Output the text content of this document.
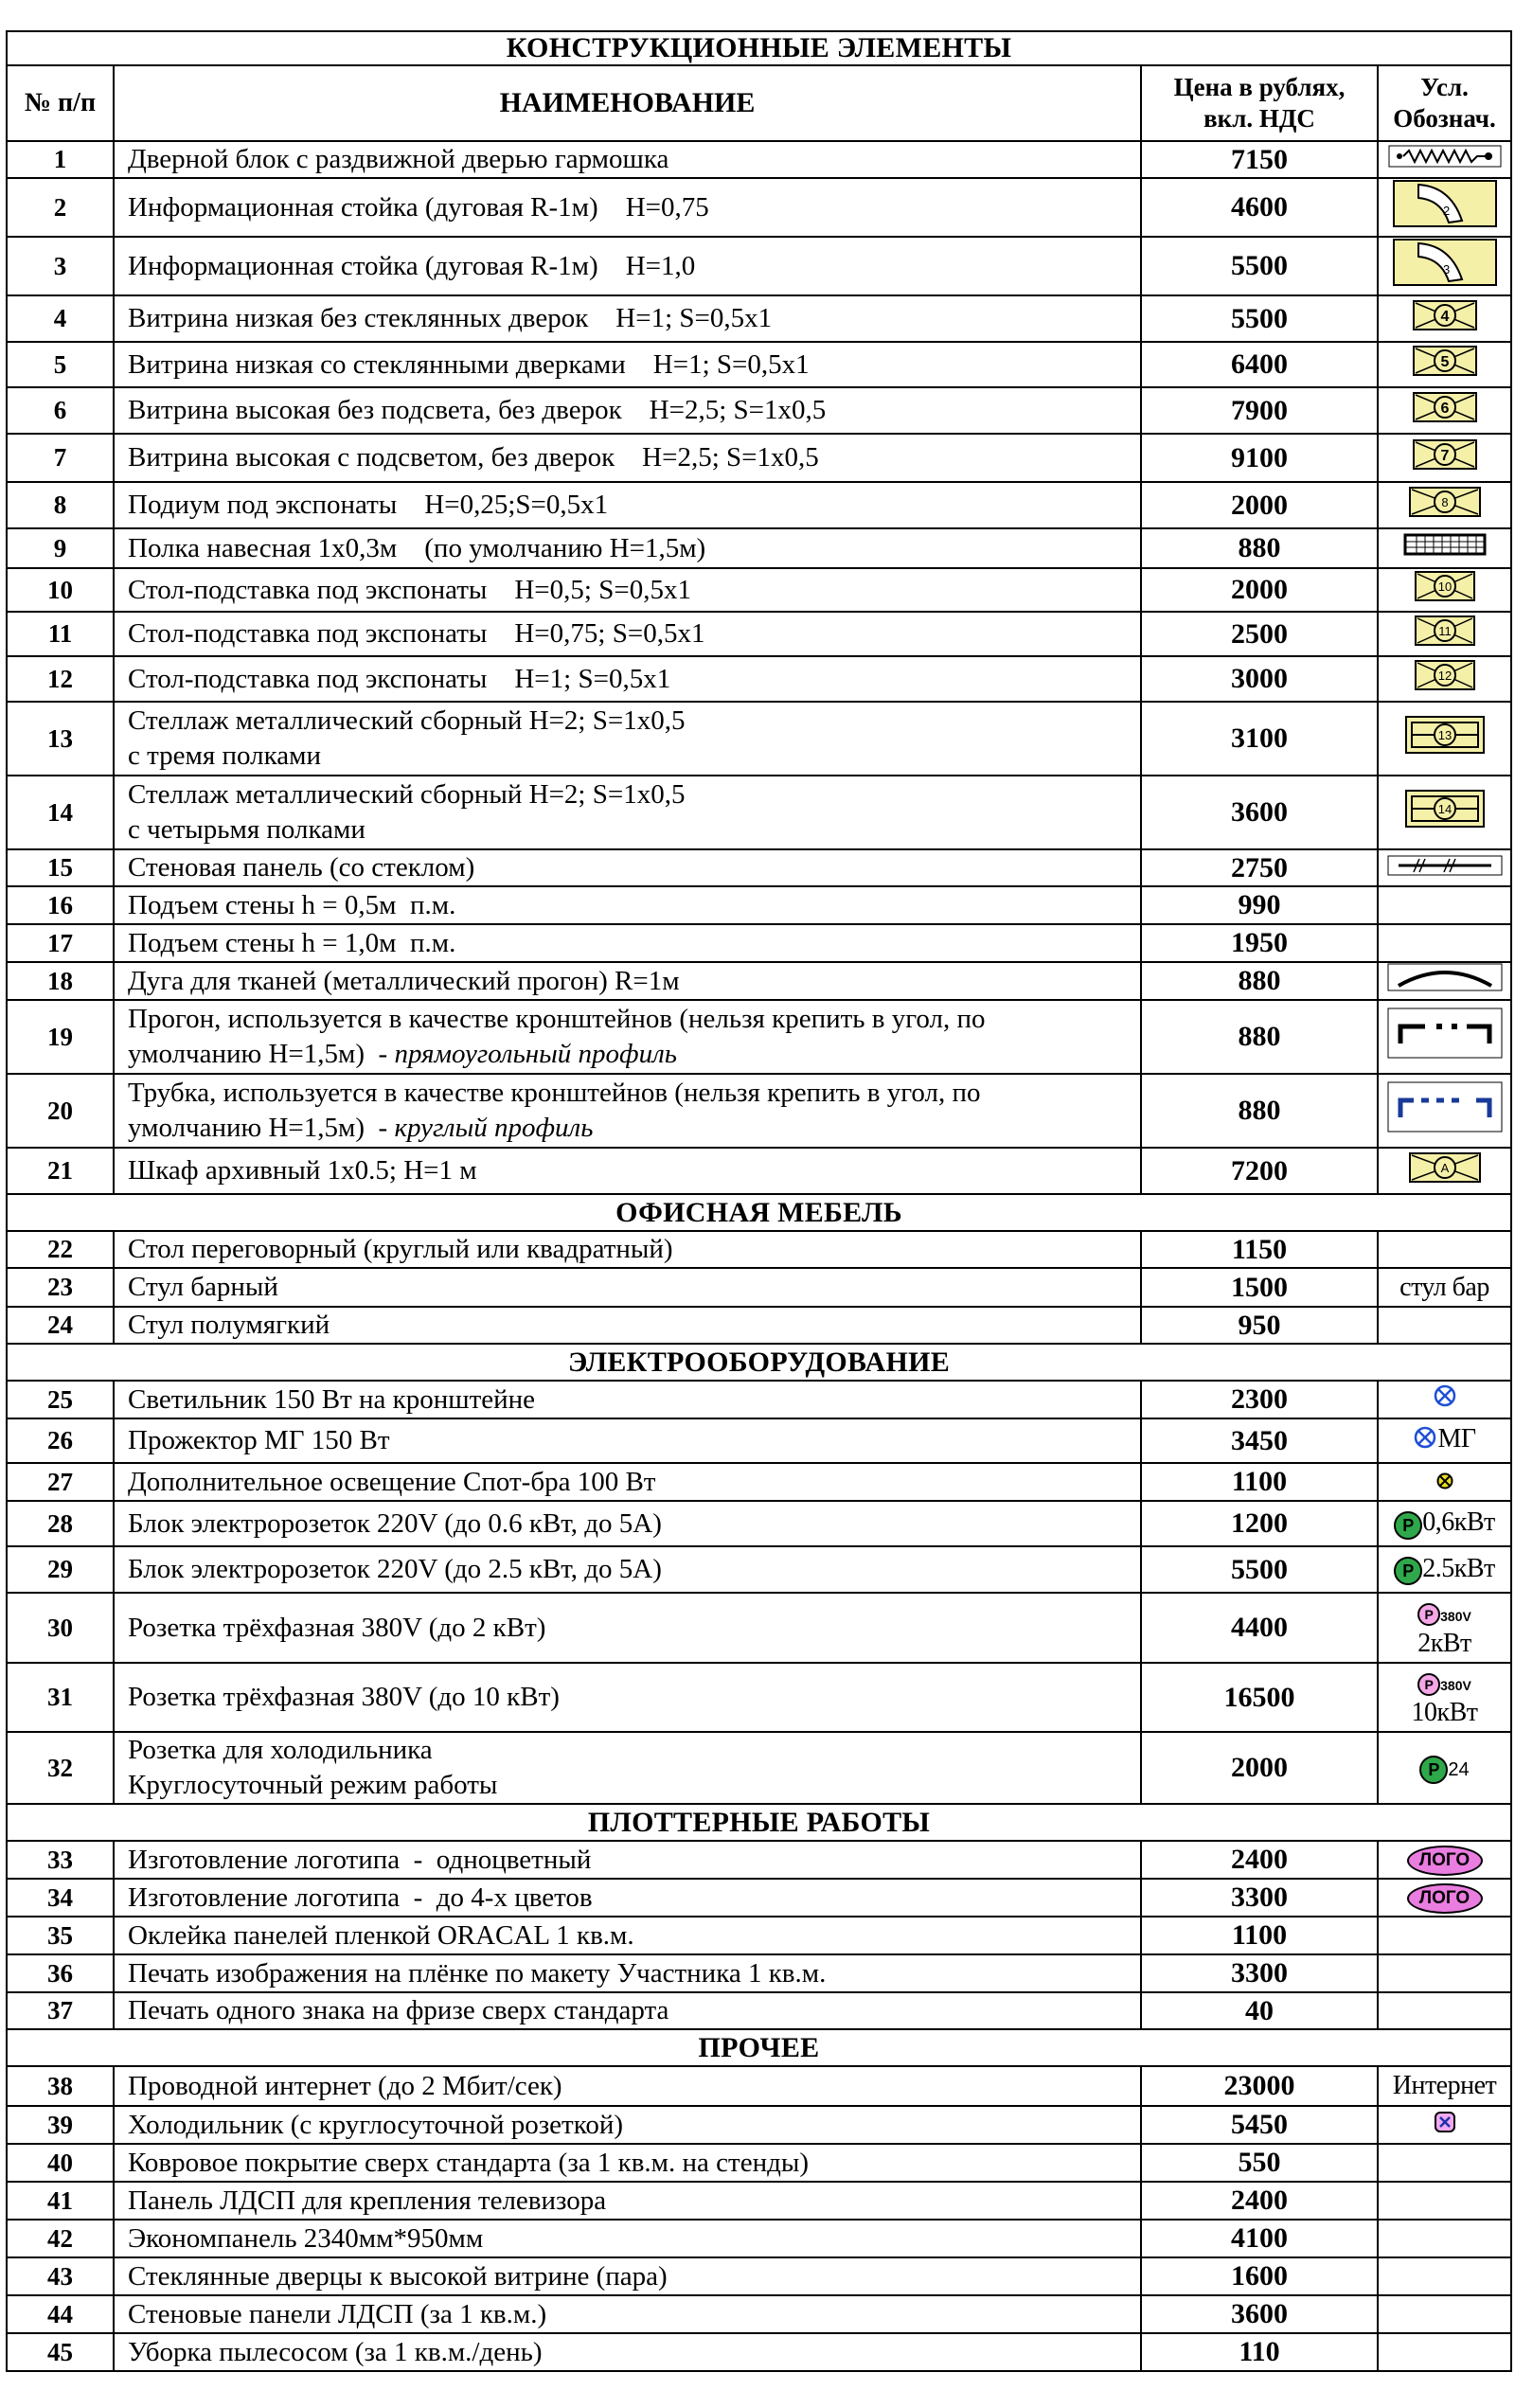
КОНСТРУКЦИОННЫЕ ЭЛЕМЕНТЫ			
№ п/п	НАИМЕНОВАНИЕ	Цена в рублях,
вкл. НДС	Усл.
Обознач.
1	Дверной блок с раздвижной дверью гармошка	7150	
2	Информационная стойка (дуговая R-1м)    H=0,75	4600	2

3	Информационная стойка (дуговая R-1м)    H=1,0	5500	3

4	Витрина низкая без стеклянных дверок    H=1; S=0,5x1	5500	4

5	Витрина низкая со стеклянными дверками    H=1; S=0,5x1	6400	5

6	Витрина высокая без подсвета, без дверок    H=2,5; S=1x0,5	7900	6

7	Витрина высокая с подсветом, без дверок    H=2,5; S=1x0,5	9100	7

8	Подиум под экспонаты    H=0,25;S=0,5x1	2000	8

9	Полка навесная 1х0,3м    (по умолчанию H=1,5м)	880	
10	Стол-подставка под экспонаты    H=0,5; S=0,5x1	2000	10

11	Стол-подставка под экспонаты    H=0,75; S=0,5x1	2500	11

12	Стол-подставка под экспонаты    H=1; S=0,5x1	3000	12

13	Стеллаж металлический сборный H=2; S=1x0,5
с тремя полками	3100	13

14	Стеллаж металлический сборный H=2; S=1x0,5
с четырьмя полками	3600	14

15	Стеновая панель (со стеклом)	2750	
16	Подъем стены h = 0,5м  п.м.	990	
17	Подъем стены h = 1,0м  п.м.	1950	
18	Дуга для тканей (металлический прогон) R=1м	880	
19	Прогон, используется в качестве кронштейнов (нельзя крепить в угол, по
умолчанию H=1,5м)  - прямоугольный профиль	880	
20	Трубка, используется в качестве кронштейнов (нельзя крепить в угол, по
умолчанию H=1,5м)  - круглый профиль	880	
21	Шкаф архивный 1х0.5; H=1 м	7200	A

ОФИСНАЯ МЕБЕЛЬ			
22	Стол переговорный (круглый или квадратный)	1150	
23	Стул барный	1500	стул бар
24	Стул полумягкий	950	
ЭЛЕКТРООБОРУДОВАНИЕ			
25	Светильник 150 Вт на кронштейне	2300	
26	Прожектор МГ 150 Вт	3450	МГ
27	Дополнительное освещение Спот-бра 100 Вт	1100	
28	Блок электророзеток 220V (до 0.6 кВт, до 5А)	1200	P 0,6кВт
29	Блок электророзеток 220V (до 2.5 кВт, до 5А)	5500	P 2.5кВт
30	Розетка трёхфазная 380V (до 2 кВт)	4400	P 380V
2кВт
31	Розетка трёхфазная 380V (до 10 кВт)	16500	P 380V
10кВт
32	Розетка для холодильника
Круглосуточный режим работы	2000	P 24
ПЛОТТЕРНЫЕ РАБОТЫ			
33	Изготовление логотипа  -  одноцветный	2400	ЛОГО
34	Изготовление логотипа  -  до 4-х цветов	3300	ЛОГО
35	Оклейка панелей пленкой ORACAL 1 кв.м.	1100	
36	Печать изображения на плёнке по макету Участника 1 кв.м.	3300	
37	Печать одного знака на фризе сверх стандарта	40	
ПРОЧЕЕ			
38	Проводной интернет (до 2 Мбит/сек)	23000	Интернет
39	Холодильник (с круглосуточной розеткой)	5450	
40	Ковровое покрытие сверх стандарта (за 1 кв.м. на стенды)	550	
41	Панель ЛДСП для крепления телевизора	2400	
42	Экономпанель 2340мм*950мм	4100	
43	Стеклянные дверцы к высокой витрине (пара)	1600	
44	Стеновые панели ЛДСП (за 1 кв.м.)	3600	
45	Уборка пылесосом (за 1 кв.м./день)	110	
